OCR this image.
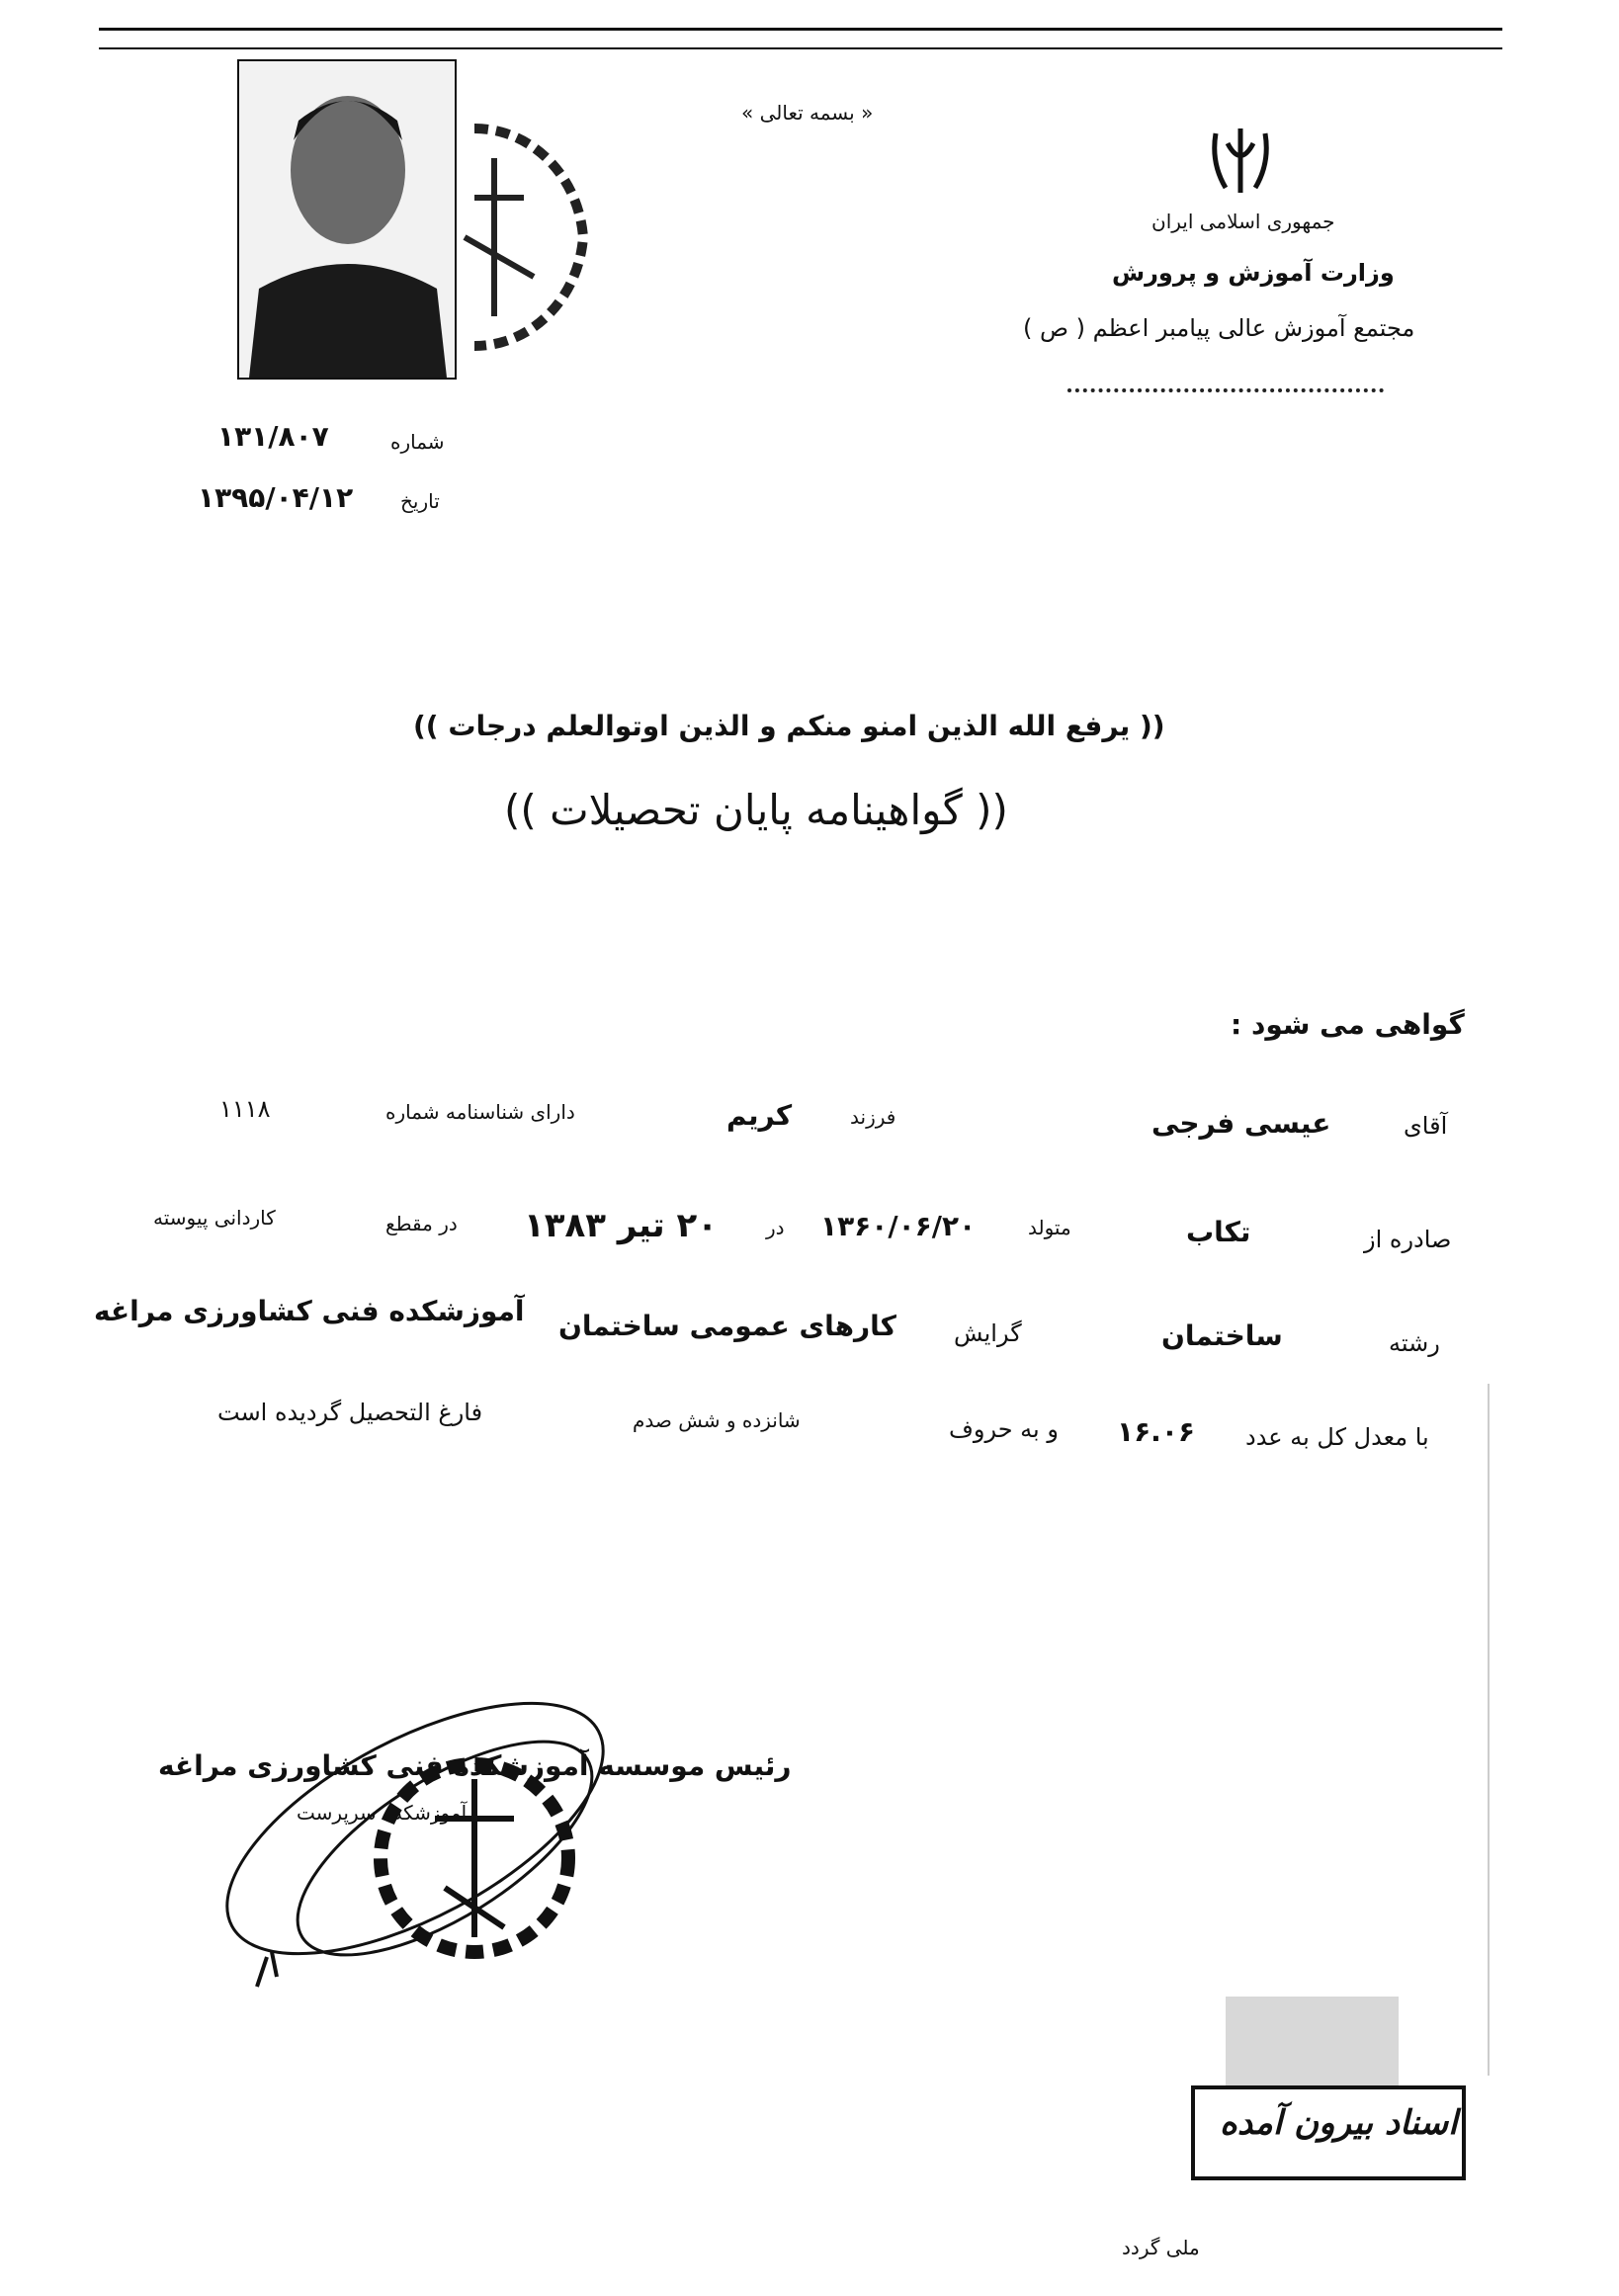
« بسمه تعالی »
جمهوری اسلامی ایران
وزارت آموزش و پرورش
مجتمع آموزش عالی پیامبر اعظم ( ص )
شماره
۱۳۱/۸۰۷
تاریخ
۱۳۹۵/۰۴/۱۲
(( یرفع الله الذین امنو منکم و الذین اوتوالعلم درجات ))
(( گواهینامه پایان تحصیلات ))
گواهی می شود :
آقای
عیسی فرجی
فرزند
کریم
دارای شناسنامه شماره
۱۱۱۸
صادره از
تکاب
متولد
۱۳۶۰/۰۶/۲۰
در
۲۰ تیر ۱۳۸۳
در مقطع
کاردانی پیوسته
رشته
ساختمان
گرایش
کارهای عمومی ساختمان
آموزشکده فنی کشاورزی مراغه
با معدل کل به عدد
۱۶.۰۶
و به حروف
شانزده و شش صدم
فارغ التحصیل گردیده است
رئیس موسسه آموزشکده فنی کشاورزی مراغه
آموزشکده سرپرست
اسناد بیرون آمده
ملی گردد
